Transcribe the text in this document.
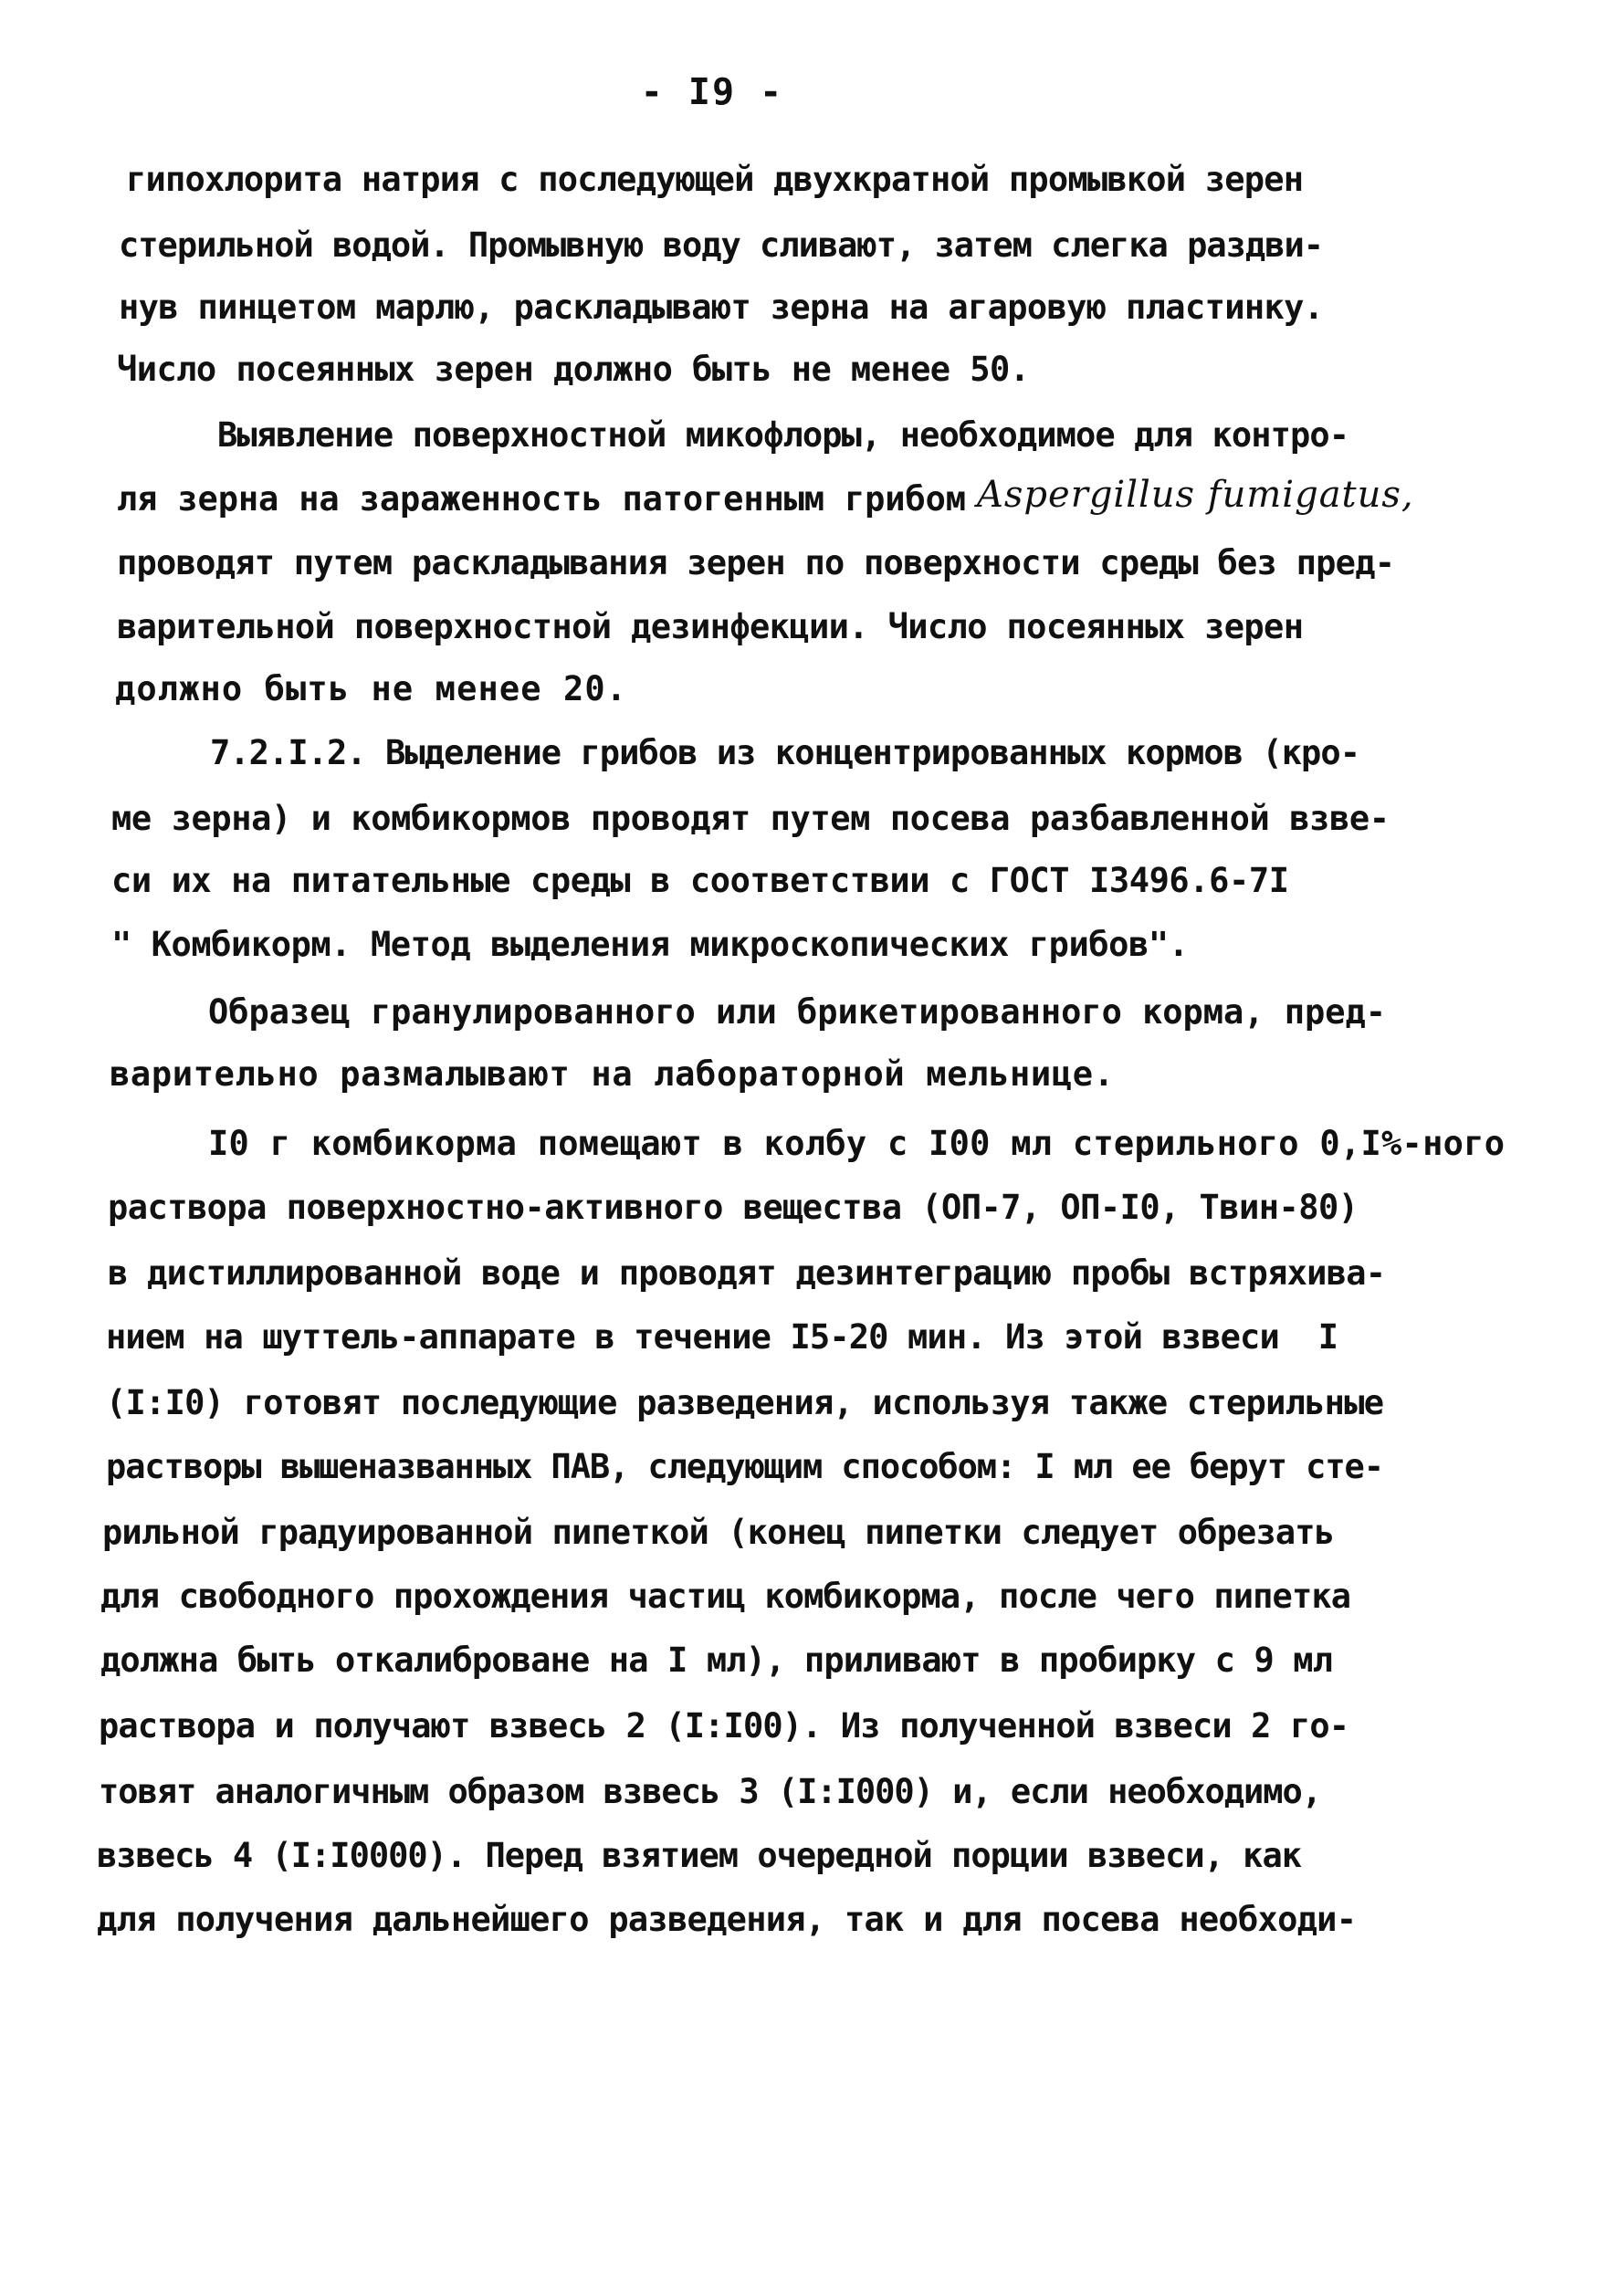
- I9 -
гипохлорита натрия с последующей двухкратной промывкой зерен
стерильной водой. Промывную воду сливают, затем слегка раздви-
нув пинцетом марлю, раскладывают зерна на агаровую пластинку.
Число посеянных зерен должно быть не менее 50.
Выявление поверхностной микофлоры, необходимое для контро-
ля зерна на зараженность патогенным грибом Aspergillus fumigatus,
проводят путем раскладывания зерен по поверхности среды без пред-
варительной поверхностной дезинфекции. Число посеянных зерен
должно быть не менее 20.
7.2.I.2. Выделение грибов из концентрированных кормов (кро-
ме зерна) и комбикормов проводят путем посева разбавленной взве-
си их на питательные среды в соответствии с ГОСТ I3496.6-7I
" Комбикорм. Метод выделения микроскопических грибов".
Образец гранулированного или брикетированного корма, пред-
варительно размалывают на лабораторной мельнице.
I0 г комбикорма помещают в колбу с I00 мл стерильного 0,I%-ного
раствора поверхностно-активного вещества (ОП-7, ОП-I0, Твин-80)
в дистиллированной воде и проводят дезинтеграцию пробы встряхива-
нием на шуттель-аппарате в течение I5-20 мин. Из этой взвеси  I
(I:I0) готовят последующие разведения, используя также стерильные
растворы вышеназванных ПАВ, следующим способом: I мл ее берут сте-
рильной градуированной пипеткой (конец пипетки следует обрезать
для свободного прохождения частиц комбикорма, после чего пипетка
должна быть откалиброване на I мл), приливают в пробирку с 9 мл
раствора и получают взвесь 2 (I:I00). Из полученной взвеси 2 го-
товят аналогичным образом взвесь 3 (I:I000) и, если необходимо,
взвесь 4 (I:I0000). Перед взятием очередной порции взвеси, как
для получения дальнейшего разведения, так и для посева необходи-
